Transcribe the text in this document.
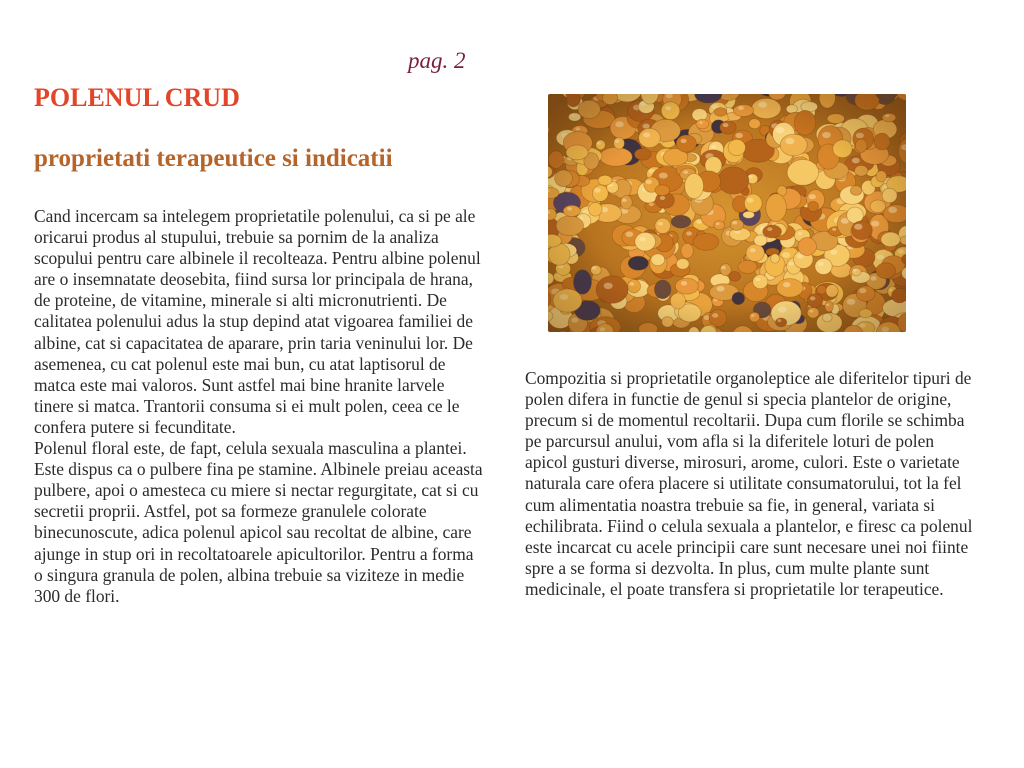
pag. 2
POLENUL CRUD
proprietati terapeutice si indicatii

Cand incercam sa intelegem proprietatile polenului, ca si pe ale oricarui produs al stupului, trebuie sa pornim de la analiza scopului pentru care albinele il recolteaza. Pentru albine polenul are o insemnatate deosebita, fiind sursa lor principala de hrana, de proteine, de vitamine, minerale si alti micronutrienti. De calitatea polenului adus la stup depind atat vigoarea familiei de albine, cat si capacitatea de aparare, prin taria veninului lor. De asemenea, cu cat polenul este mai bun, cu atat laptisorul de matca este mai valoros. Sunt astfel mai bine hranite larvele tinere si matca. Trantorii consuma si ei mult polen, ceea ce le confera putere si fecunditate.

Polenul floral este, de fapt, celula sexuala masculina a plantei. Este dispus ca o pulbere fina pe stamine. Albinele preiau aceasta pulbere, apoi o amesteca cu miere si nectar regurgitate, cat si cu secretii proprii. Astfel, pot sa formeze granulele colorate binecunoscute, adica polenul apicol sau recoltat de albine, care ajunge in stup ori in recoltatoarele apicultorilor. Pentru a forma o singura granula de polen, albina trebuie sa viziteze in medie 300 de flori.

Compozitia si proprietatile organoleptice ale diferitelor tipuri de polen difera in functie de genul si specia plantelor de origine, precum si de momentul recoltarii. Dupa cum florile se schimba pe parcursul anului, vom afla si la diferitele loturi de polen apicol gusturi diverse, mirosuri, arome, culori. Este o varietate naturala care ofera placere si utilitate consumatorului, tot la fel cum alimentatia noastra trebuie sa fie, in general, variata si echilibrata. Fiind o celula sexuala a plantelor, e firesc ca polenul este incarcat cu acele principii care sunt necesare unei noi fiinte spre a se forma si dezvolta. In plus, cum multe plante sunt medicinale, el poate transfera si proprietatile lor terapeutice.
